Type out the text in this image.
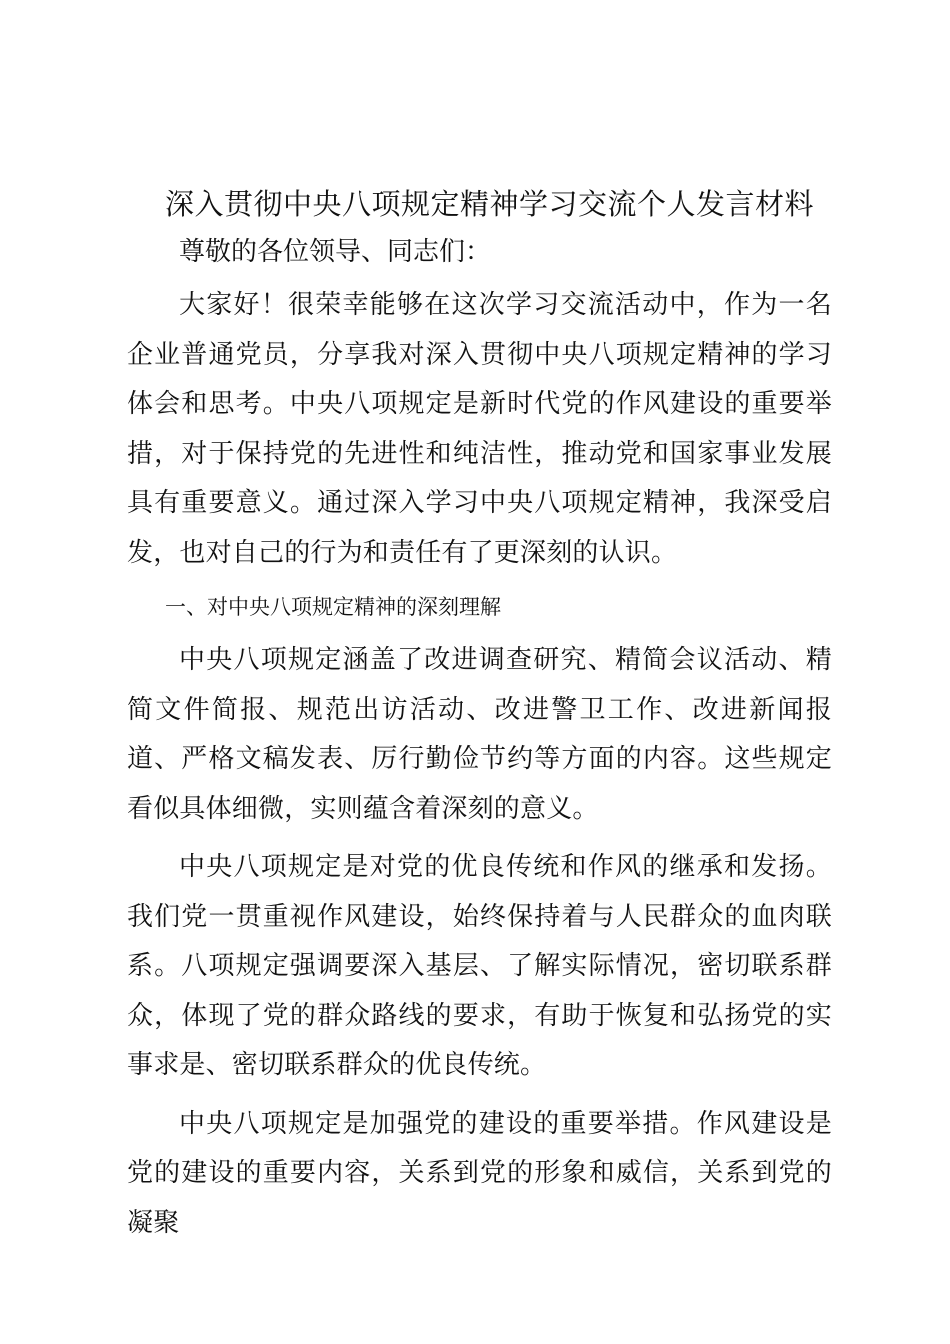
深入贯彻中央八项规定精神学习交流个人发言材料

尊敬的各位领导、同志们：

大家好！很荣幸能够在这次学习交流活动中，作为一名企业普通党员，分享我对深入贯彻中央八项规定精神的学习体会和思考。中央八项规定是新时代党的作风建设的重要举措，对于保持党的先进性和纯洁性，推动党和国家事业发展具有重要意义。通过深入学习中央八项规定精神，我深受启发，也对自己的行为和责任有了更深刻的认识。

一、对中央八项规定精神的深刻理解

中央八项规定涵盖了改进调查研究、精简会议活动、精简文件简报、规范出访活动、改进警卫工作、改进新闻报道、严格文稿发表、厉行勤俭节约等方面的内容。这些规定看似具体细微，实则蕴含着深刻的意义。

中央八项规定是对党的优良传统和作风的继承和发扬。我们党一贯重视作风建设，始终保持着与人民群众的血肉联系。八项规定强调要深入基层、了解实际情况，密切联系群众，体现了党的群众路线的要求，有助于恢复和弘扬党的实事求是、密切联系群众的优良传统。

中央八项规定是加强党的建设的重要举措。作风建设是党的建设的重要内容，关系到党的形象和威信，关系到党的凝聚
